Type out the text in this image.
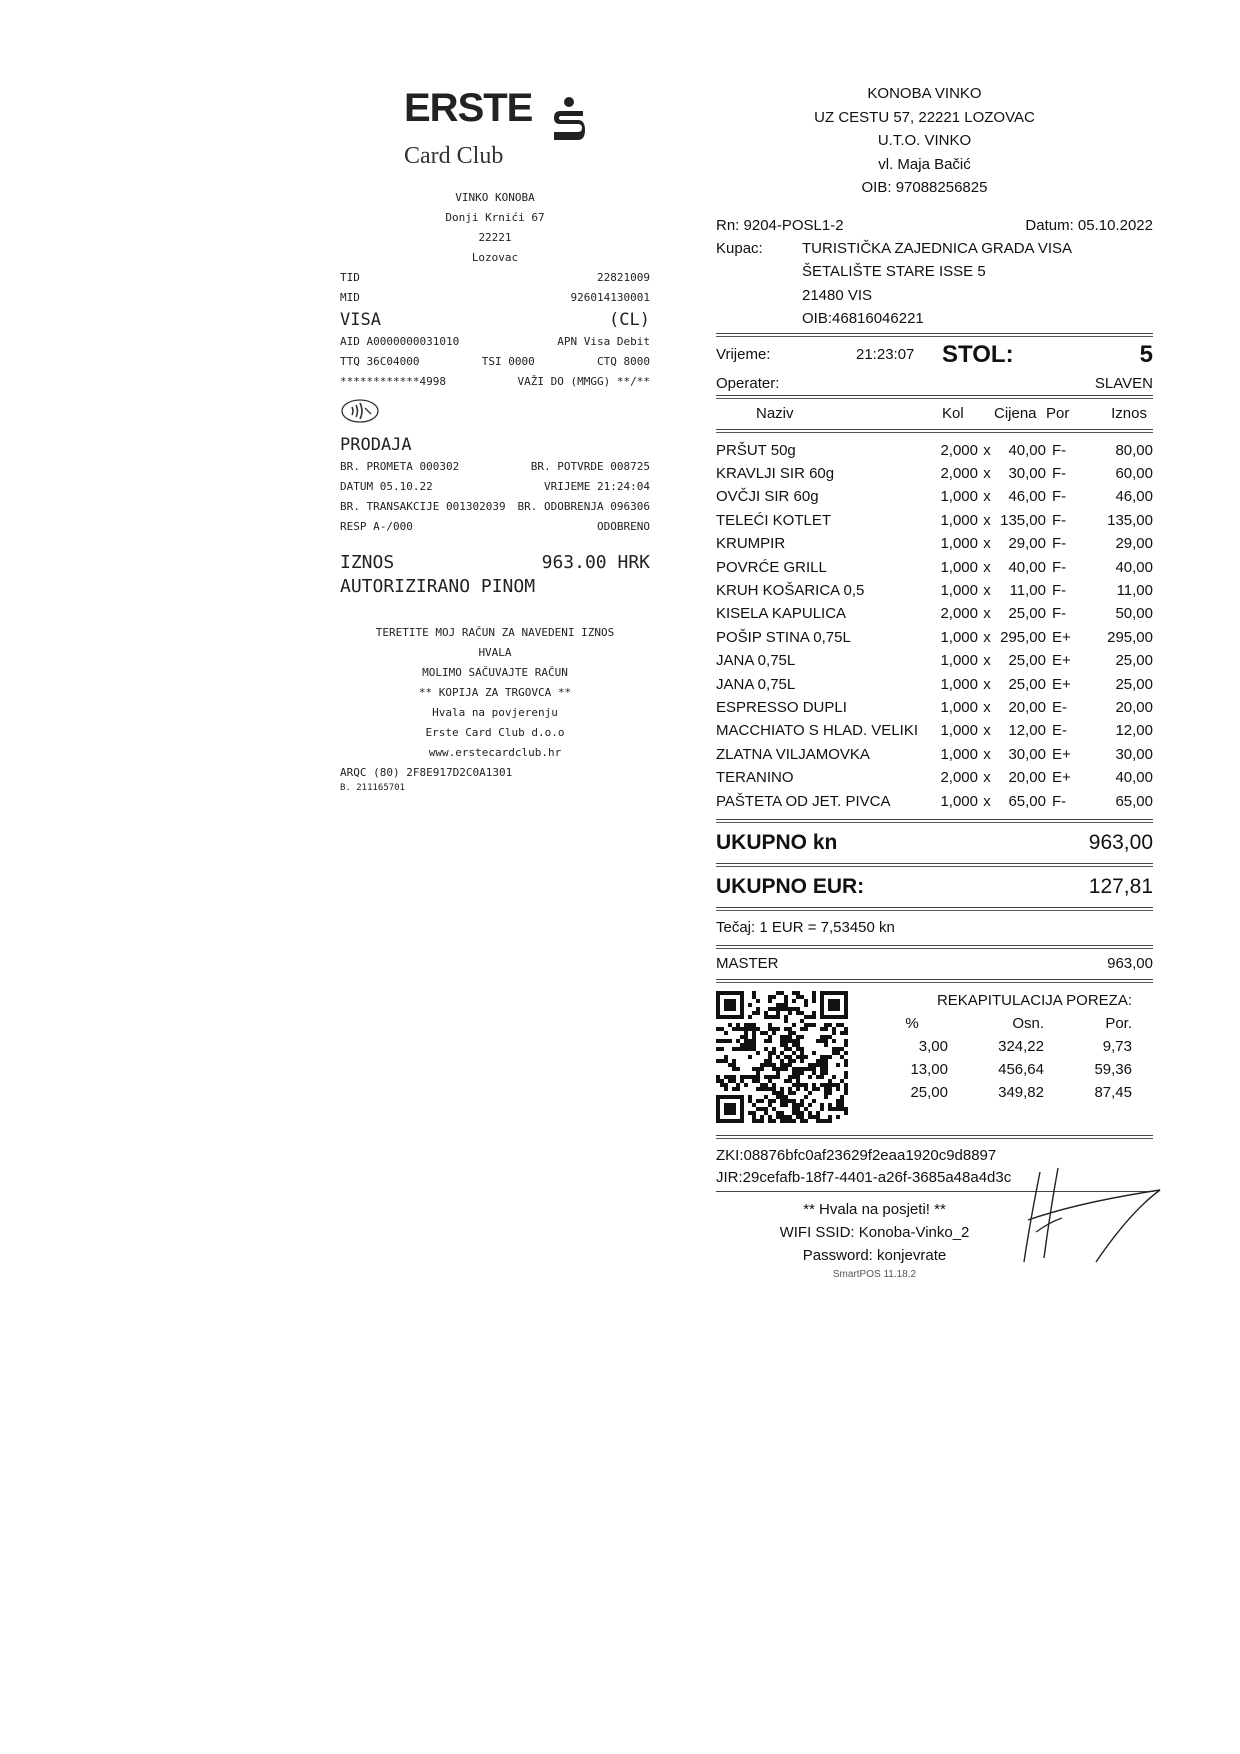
ERSTE
Card Club
VINKO KONOBA
Donji Krnići 67
22221
Lozovac
TID	22821009
MID	926014130001
VISA	(CL)
AID A0000000031010	APN Visa Debit
TTQ 36C04000	TSI 0000	CTQ 8000
************4998	VAŽI DO (MMGG) **/**
PRODAJA
BR. PROMETA 000302	BR. POTVRDE 008725
DATUM 05.10.22	VRIJEME 21:24:04
BR. TRANSAKCIJE 001302039 BR. ODOBRENJA 096306
RESP A-/000	ODOBRENO
IZNOS	963.00 HRK
AUTORIZIRANO PINOM
TERETITE MOJ RAČUN ZA NAVEDENI IZNOS
HVALA
MOLIMO SAČUVAJTE RAČUN
** KOPIJA ZA TRGOVCA **
Hvala na povjerenju
Erste Card Club d.o.o
www.erstecardclub.hr
ARQC (80) 2F8E917D2C0A1301
B. 211165701
KONOBA VINKO
UZ CESTU 57, 22221 LOZOVAC
U.T.O. VINKO
vl. Maja Bačić
OIB: 97088256825
Rn: 9204-POSL1-2	Datum: 05.10.2022
Kupac:	TURISTIČKA ZAJEDNICA GRADA VISA
ŠETALIŠTE STARE ISSE 5
21480 VIS
OIB:46816046221
Vrijeme:	21:23:07	STOL:	5
Operater:	SLAVEN
Naziv	Kol	Cijena Por	Iznos
PRŠUT 50g	2,000 x	40,00 F-	80,00
KRAVLJI SIR 60g	2,000 x	30,00 F-	60,00
OVČJI SIR 60g	1,000 x	46,00 F-	46,00
TELEĆI KOTLET	1,000 x 135,00 F-	135,00
KRUMPIR	1,000 x	29,00 F-	29,00
POVRĆE GRILL	1,000 x	40,00 F-	40,00
KRUH KOŠARICA 0,5	1,000 x	11,00 F-	11,00
KISELA KAPULICA	2,000 x	25,00 F-	50,00
POŠIP STINA 0,75L	1,000 x 295,00 E+	295,00
JANA 0,75L	1,000 x	25,00 E+	25,00
JANA 0,75L	1,000 x	25,00 E+	25,00
ESPRESSO DUPLI	1,000 x	20,00 E-	20,00
MACCHIATO S HLAD. VELIKI	1,000 x	12,00 E-	12,00
ZLATNA VILJAMOVKA	1,000 x	30,00 E+	30,00
TERANINO	2,000 x	20,00 E+	40,00
PAŠTETA OD JET. PIVCA	1,000 x	65,00 F-	65,00
UKUPNO kn	963,00
UKUPNO EUR:	127,81
Tečaj: 1 EUR = 7,53450 kn
MASTER	963,00
REKAPITULACIJA POREZA:
%	Osn.	Por.
3,00	324,22	9,73
13,00	456,64	59,36
25,00	349,82	87,45
ZKI:08876bfc0af23629f2eaa1920c9d8897
JIR:29cefafb-18f7-4401-a26f-3685a48a4d3c
** Hvala na posjeti! **
WIFI SSID: Konoba-Vinko_2
Password: konjevrate
SmartPOS 11.18.2
